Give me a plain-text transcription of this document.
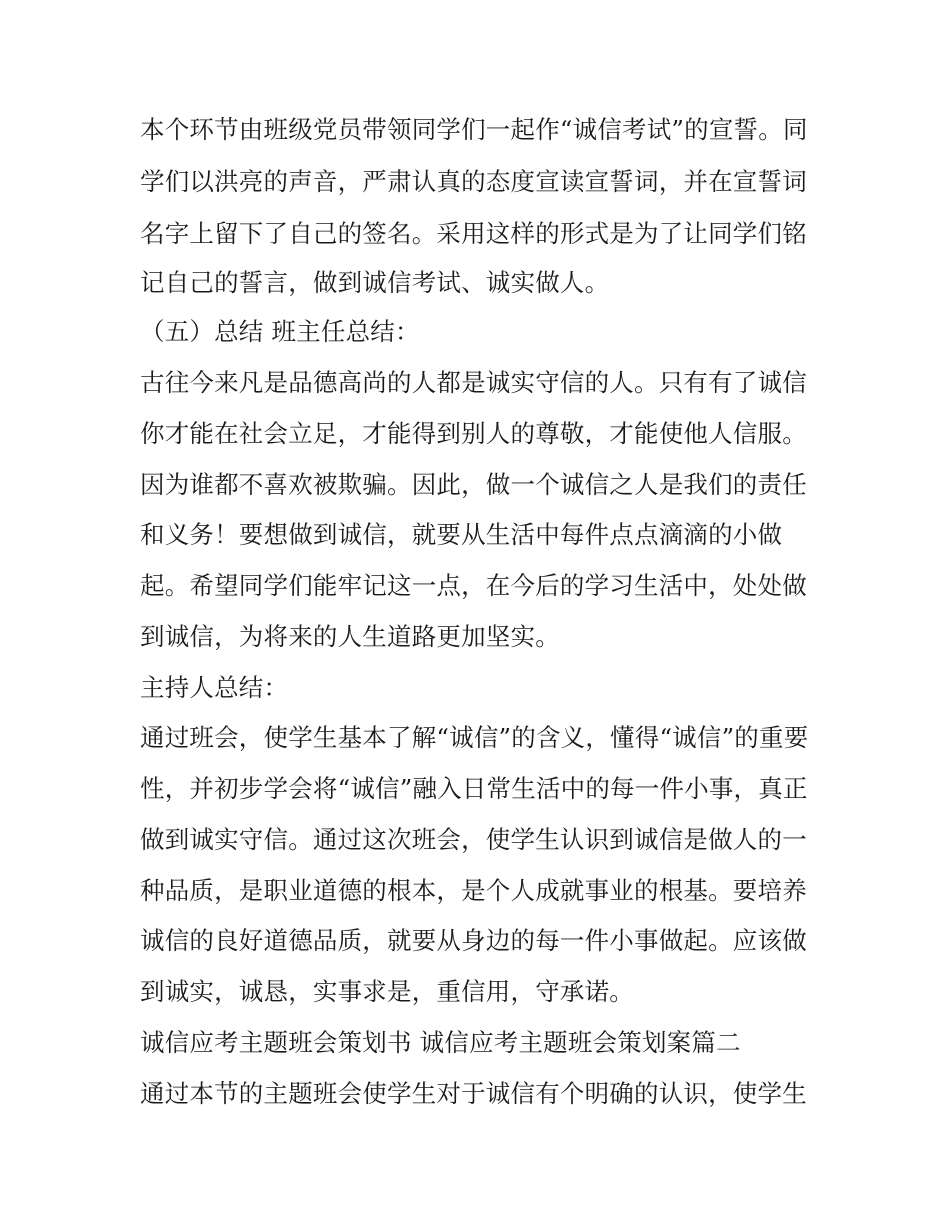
本个环节由班级党员带领同学们一起作“诚信考试”的宣誓。同
学们以洪亮的声音，严肃认真的态度宣读宣誓词，并在宣誓词
名字上留下了自己的签名。采用这样的形式是为了让同学们铭
记自己的誓言，做到诚信考试、诚实做人。
（五）总结 班主任总结：
古往今来凡是品德高尚的人都是诚实守信的人。只有有了诚信
你才能在社会立足，才能得到别人的尊敬，才能使他人信服。
因为谁都不喜欢被欺骗。因此，做一个诚信之人是我们的责任
和义务！要想做到诚信，就要从生活中每件点点滴滴的小做
起。希望同学们能牢记这一点，在今后的学习生活中，处处做
到诚信，为将来的人生道路更加坚实。
主持人总结：
通过班会，使学生基本了解“诚信”的含义，懂得“诚信”的重要
性，并初步学会将“诚信”融入日常生活中的每一件小事，真正
做到诚实守信。通过这次班会，使学生认识到诚信是做人的一
种品质，是职业道德的根本，是个人成就事业的根基。要培养
诚信的良好道德品质，就要从身边的每一件小事做起。应该做
到诚实，诚恳，实事求是，重信用，守承诺。
诚信应考主题班会策划书 诚信应考主题班会策划案篇二
通过本节的主题班会使学生对于诚信有个明确的认识，使学生
